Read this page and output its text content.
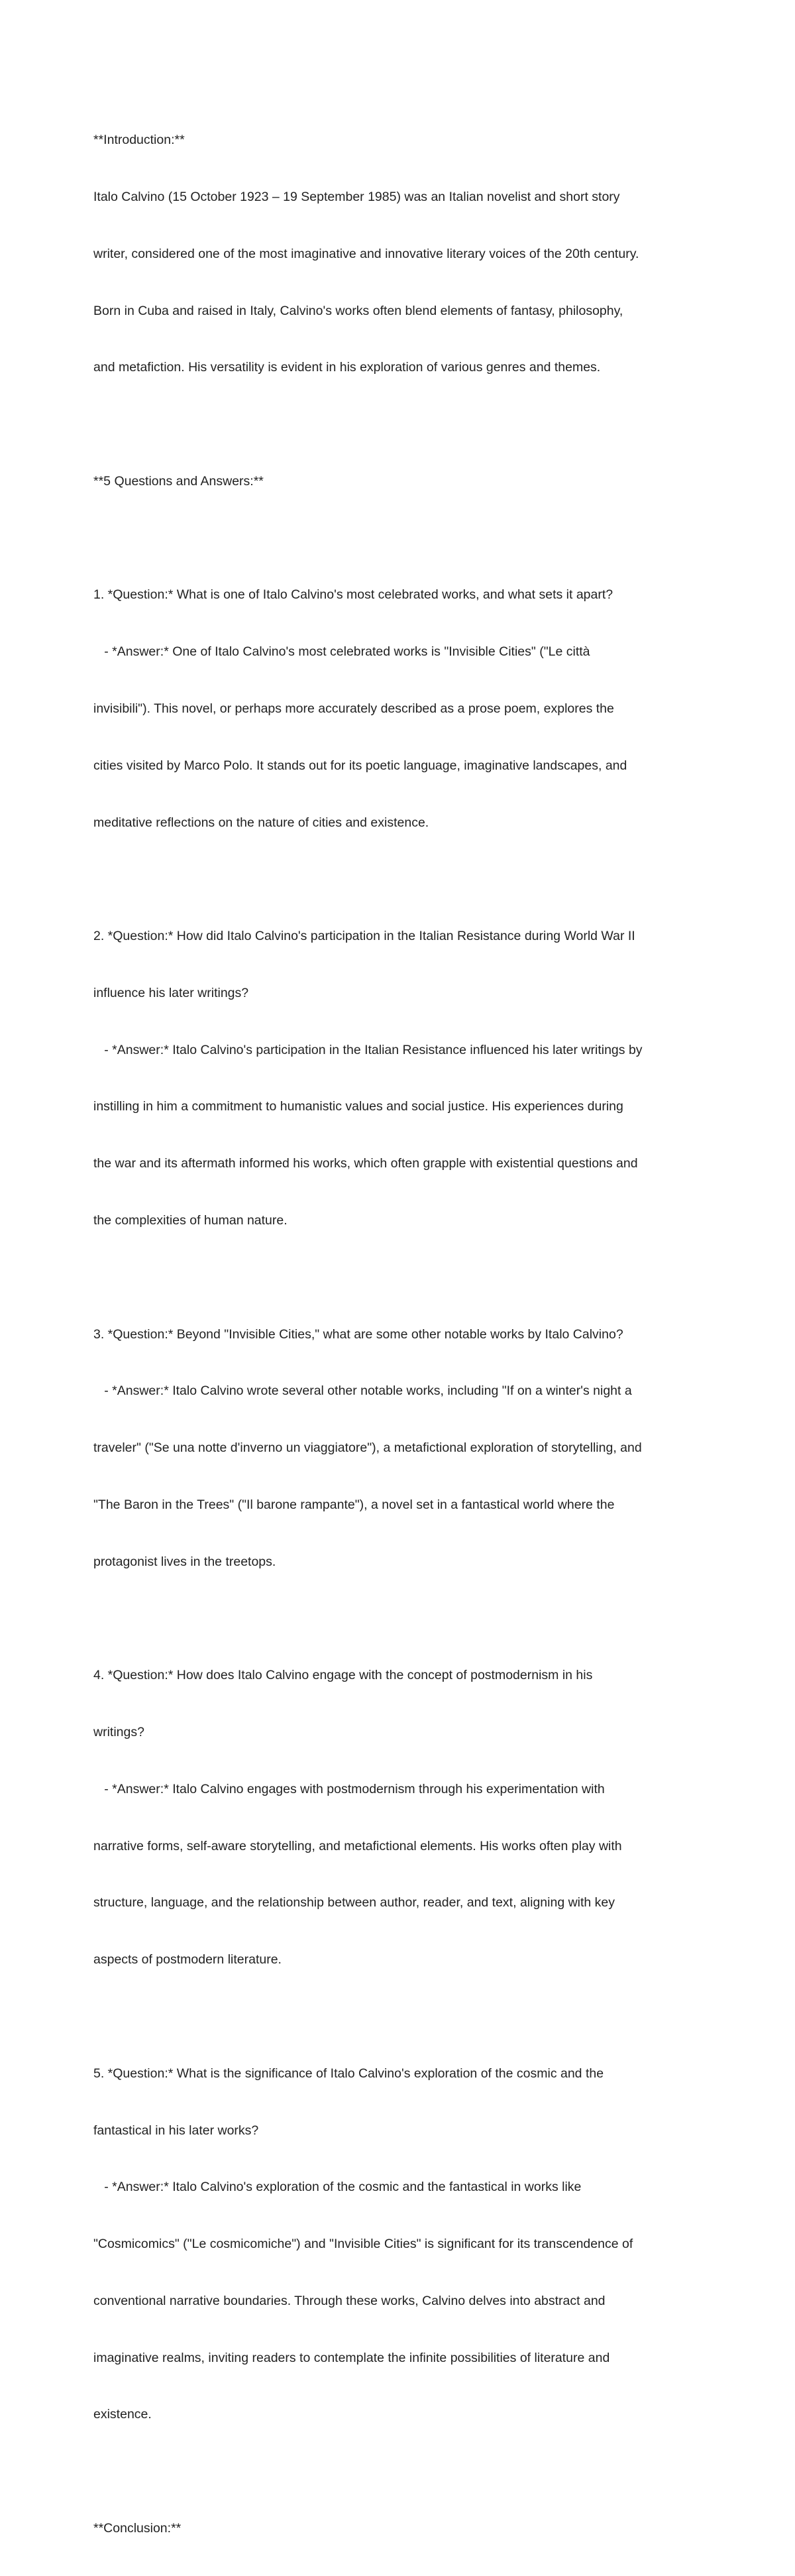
**Introduction:**

Italo Calvino (15 October 1923 – 19 September 1985) was an Italian novelist and short story

writer, considered one of the most imaginative and innovative literary voices of the 20th century.

Born in Cuba and raised in Italy, Calvino's works often blend elements of fantasy, philosophy,

and metafiction. His versatility is evident in his exploration of various genres and themes.

**5 Questions and Answers:**

1. *Question:* What is one of Italo Calvino's most celebrated works, and what sets it apart?

- *Answer:* One of Italo Calvino's most celebrated works is "Invisible Cities" ("Le città

invisibili"). This novel, or perhaps more accurately described as a prose poem, explores the

cities visited by Marco Polo. It stands out for its poetic language, imaginative landscapes, and

meditative reflections on the nature of cities and existence.

2. *Question:* How did Italo Calvino's participation in the Italian Resistance during World War II

influence his later writings?

- *Answer:* Italo Calvino's participation in the Italian Resistance influenced his later writings by

instilling in him a commitment to humanistic values and social justice. His experiences during

the war and its aftermath informed his works, which often grapple with existential questions and

the complexities of human nature.

3. *Question:* Beyond "Invisible Cities," what are some other notable works by Italo Calvino?

- *Answer:* Italo Calvino wrote several other notable works, including "If on a winter's night a

traveler" ("Se una notte d'inverno un viaggiatore"), a metafictional exploration of storytelling, and

"The Baron in the Trees" ("Il barone rampante"), a novel set in a fantastical world where the

protagonist lives in the treetops.

4. *Question:* How does Italo Calvino engage with the concept of postmodernism in his

writings?

- *Answer:* Italo Calvino engages with postmodernism through his experimentation with

narrative forms, self-aware storytelling, and metafictional elements. His works often play with

structure, language, and the relationship between author, reader, and text, aligning with key

aspects of postmodern literature.

5. *Question:* What is the significance of Italo Calvino's exploration of the cosmic and the

fantastical in his later works?

- *Answer:* Italo Calvino's exploration of the cosmic and the fantastical in works like

"Cosmicomics" ("Le cosmicomiche") and "Invisible Cities" is significant for its transcendence of

conventional narrative boundaries. Through these works, Calvino delves into abstract and

imaginative realms, inviting readers to contemplate the infinite possibilities of literature and

existence.

**Conclusion:**
